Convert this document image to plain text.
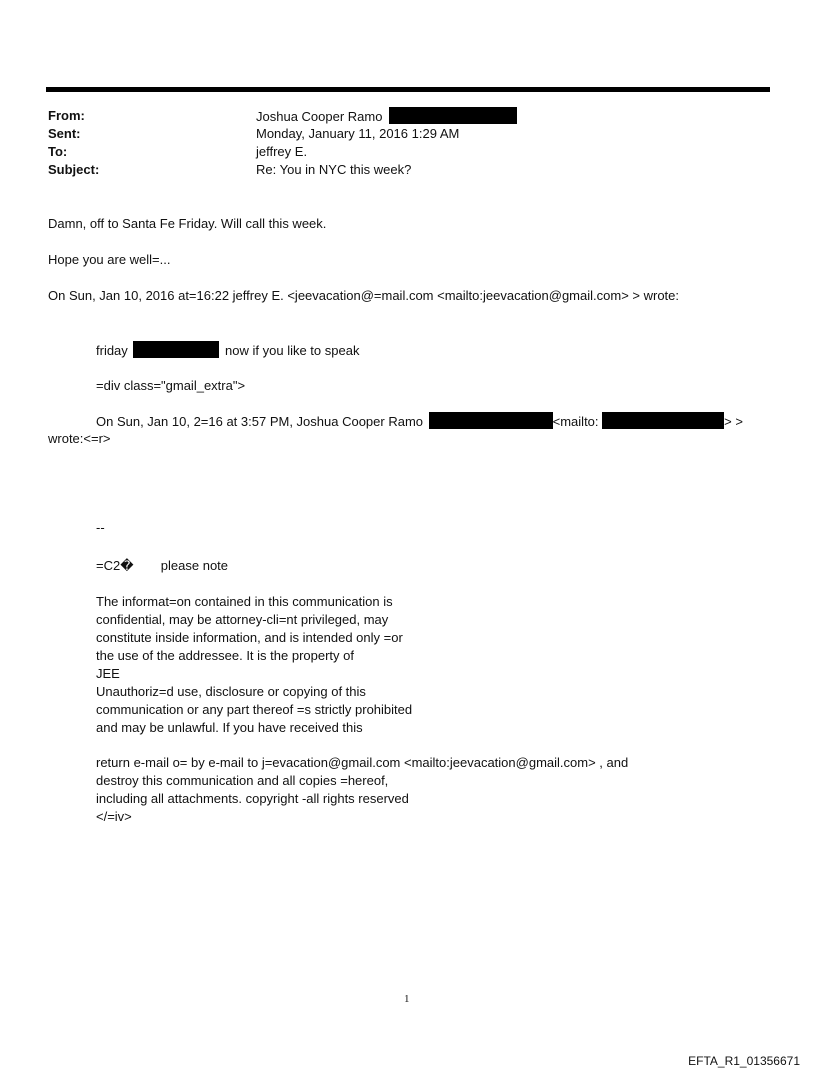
From:	Joshua Cooper Ramo
Sent:	Monday, January 11, 2016 1:29 AM
To:	jeffrey E.
Subject:	Re: You in NYC this week?
Damn, off to Santa Fe Friday. Will call this week.
Hope you are well=...
On Sun, Jan 10, 2016 at=16:22 jeffrey E. <jeevacation@=mail.com <mailto:jeevacation@gmail.com> > wrote:
friday	now if you like to speak
=div class="gmail_extra">
On Sun, Jan 10, 2=16 at 3:57 PM, Joshua Cooper Ramo	<mailto:	> >
wrote:<=r>
--
=C2� please note
The informat=on contained in this communication is
confidential, may be attorney-cli=nt privileged, may
constitute inside information, and is intended only =or
the use of the addressee. It is the property of
JEE
Unauthoriz=d use, disclosure or copying of this
communication or any part thereof =s strictly prohibited
and may be unlawful. If you have received this
return e-mail o= by e-mail to j=evacation@gmail.com <mailto:jeevacation@gmail.com> , and
destroy this communication and all copies =hereof,
including all attachments. copyright -all rights reserved
</=iv>
1
EFTA_R1_01356671
